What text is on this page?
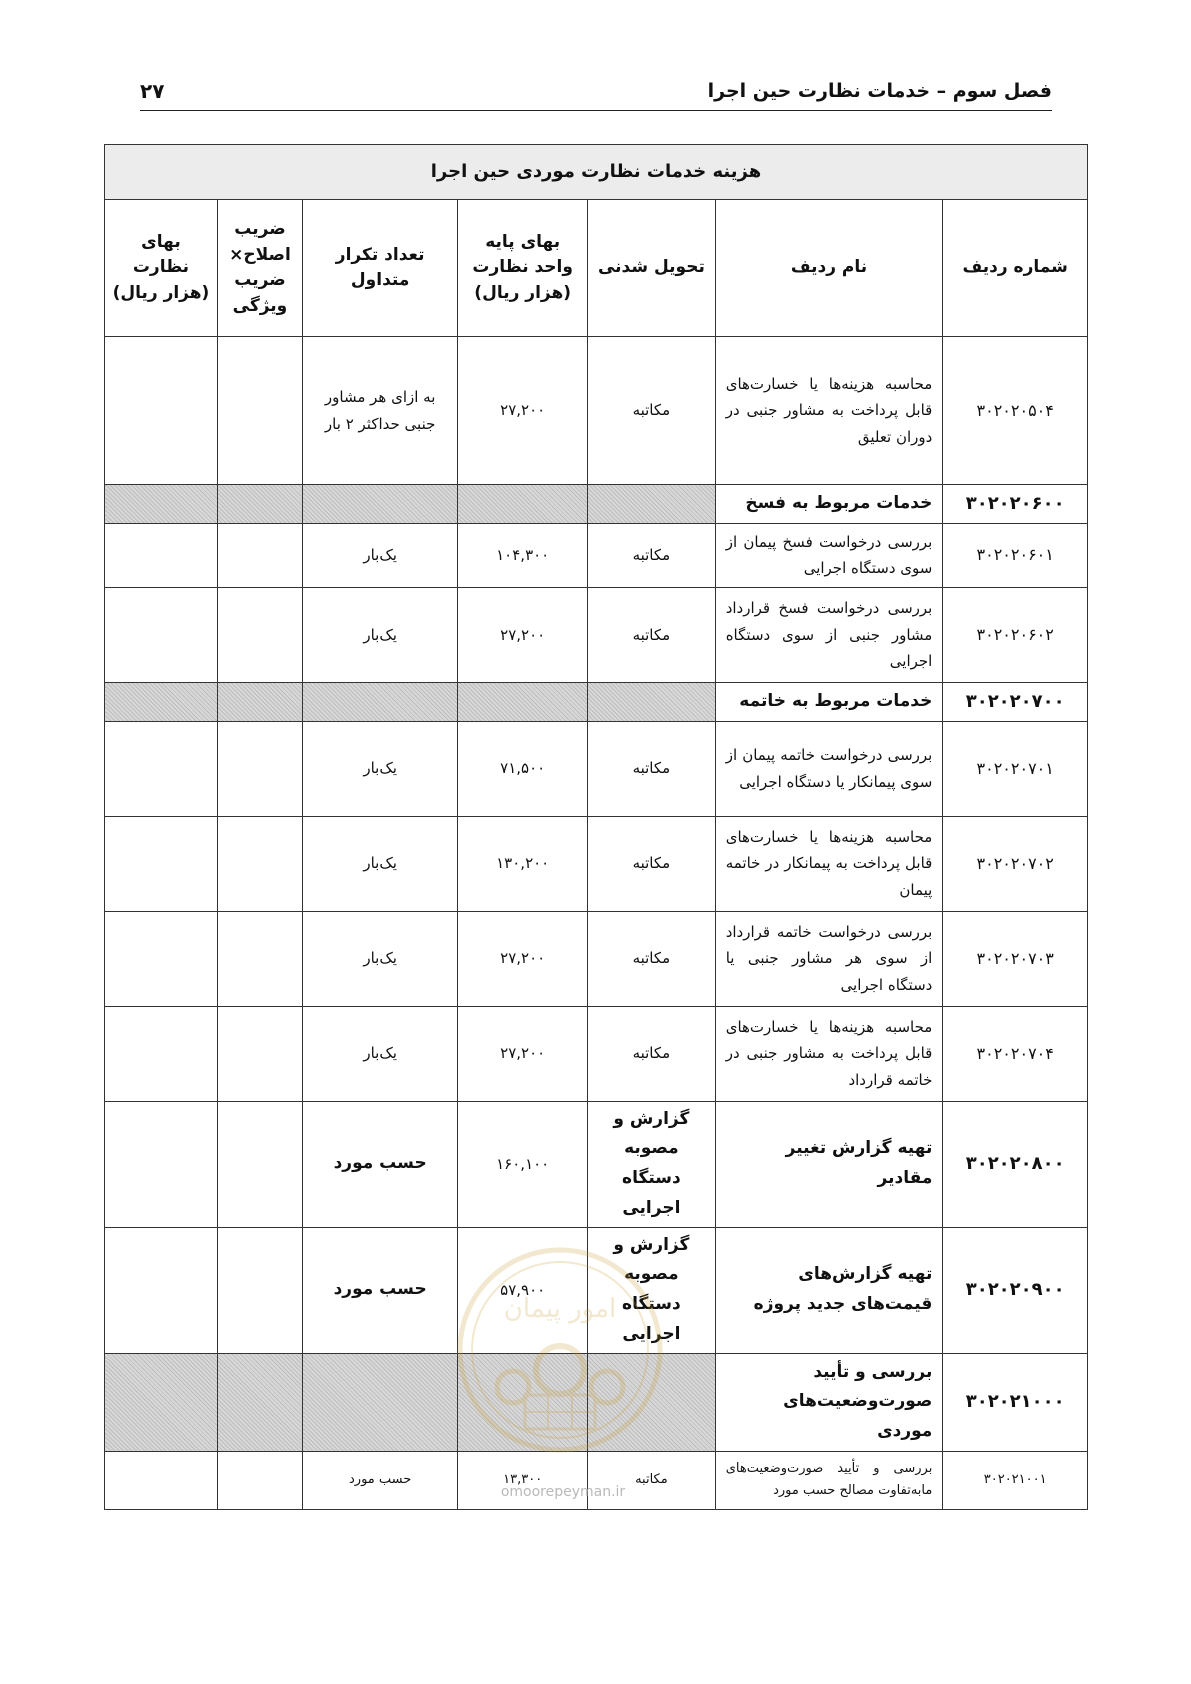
فصل سوم – خدمات نظارت حین اجرا
۲۷
هزینه خدمات نظارت موردی حین اجرا						
شماره ردیف	نام ردیف	تحویل شدنی	بهای پایه واحد نظارت (هزار ریال)	تعداد تکرار متداول	ضریب اصلاح× ضریب ویژگی	بهای نظارت (هزار ریال)
۳۰۲۰۲۰۵۰۴	محاسبه هزینه‌ها یا خسارت‌های قابل پرداخت به مشاور جنبی در دوران تعلیق	مکاتبه	۲۷,۲۰۰	به ازای هر مشاور جنبی حداکثر ۲ بار		
۳۰۲۰۲۰۶۰۰	خدمات مربوط به فسخ					
۳۰۲۰۲۰۶۰۱	بررسی درخواست فسخ پیمان از سوی دستگاه اجرایی	مکاتبه	۱۰۴,۳۰۰	یک‌بار		
۳۰۲۰۲۰۶۰۲	بررسی درخواست فسخ قرارداد مشاور جنبی از سوی دستگاه اجرایی	مکاتبه	۲۷,۲۰۰	یک‌بار		
۳۰۲۰۲۰۷۰۰	خدمات مربوط به خاتمه					
۳۰۲۰۲۰۷۰۱	بررسی درخواست خاتمه پیمان از سوی پیمانکار یا دستگاه اجرایی	مکاتبه	۷۱,۵۰۰	یک‌بار		
۳۰۲۰۲۰۷۰۲	محاسبه هزینه‌ها یا خسارت‌های قابل پرداخت به پیمانکار در خاتمه پیمان	مکاتبه	۱۳۰,۲۰۰	یک‌بار		
۳۰۲۰۲۰۷۰۳	بررسی درخواست خاتمه قرارداد از سوی هر مشاور جنبی یا دستگاه اجرایی	مکاتبه	۲۷,۲۰۰	یک‌بار		
۳۰۲۰۲۰۷۰۴	محاسبه هزینه‌ها یا خسارت‌های قابل پرداخت به مشاور جنبی در خاتمه قرارداد	مکاتبه	۲۷,۲۰۰	یک‌بار		
۳۰۲۰۲۰۸۰۰	تهیه گزارش تغییر مقادیر	گزارش و مصوبه دستگاه اجرایی	۱۶۰,۱۰۰	حسب مورد		
۳۰۲۰۲۰۹۰۰	تهیه گزارش‌های قیمت‌های جدید پروژه	گزارش و مصوبه دستگاه اجرایی	۵۷,۹۰۰	حسب مورد		
۳۰۲۰۲۱۰۰۰	بررسی و تأیید صورت‌وضعیت‌های موردی					
۳۰۲۰۲۱۰۰۱	بررسی و تأیید صورت‌وضعیت‌های مابه‌تفاوت مصالح حسب مورد	مکاتبه	۱۳,۳۰۰	حسب مورد		
امور پیمان
omoorepeyman.ir
